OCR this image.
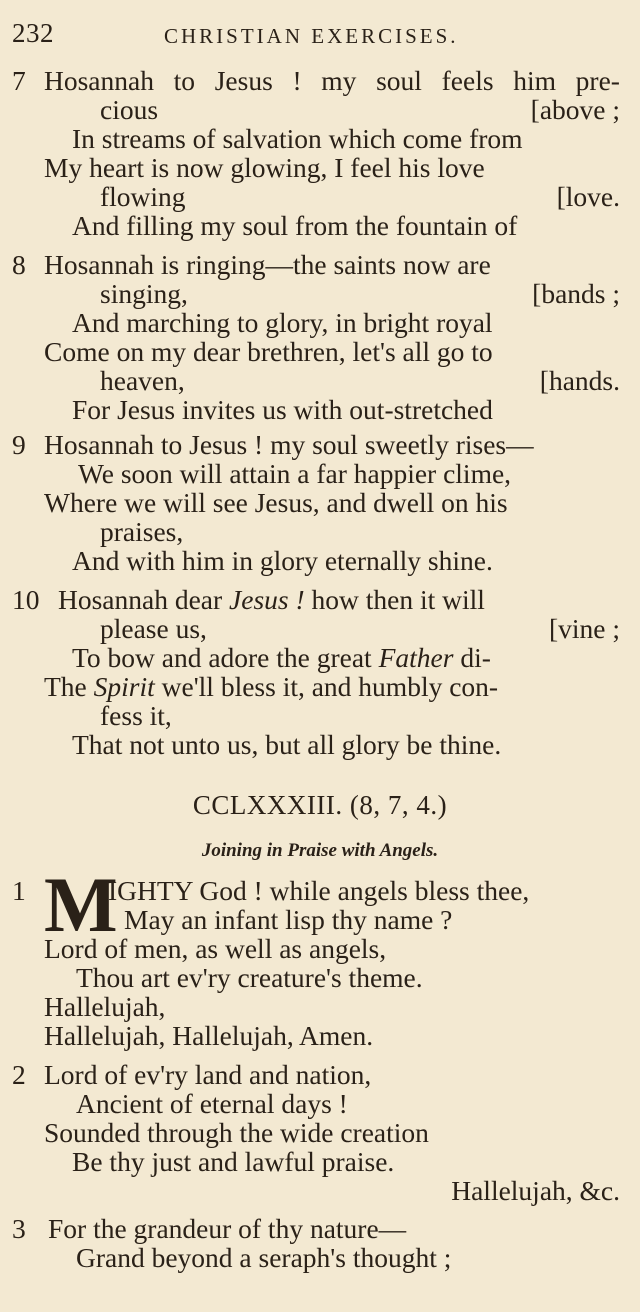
232	CHRISTIAN EXERCISES.
7 Hosannah to Jesus ! my soul feels him pre-
cious	[above ;
In streams of salvation which come from
My heart is now glowing, I feel his love
flowing	[love.
And filling my soul from the fountain of
8 Hosannah is ringing—the saints now are
singing,	[bands ;
And marching to glory, in bright royal
Come on my dear brethren, let's all go to
heaven,	[hands.
For Jesus invites us with out-stretched
9 Hosannah to Jesus ! my soul sweetly rises—
We soon will attain a far happier clime,
Where we will see Jesus, and dwell on his
praises,
And with him in glory eternally shine.
10 Hosannah dear Jesus ! how then it will
please us,	[vine ;
To bow and adore the great Father di-
The Spirit we'll bless it, and humbly con-
fess it,
That not unto us, but all glory be thine.
CCLXXXIII. (8, 7, 4.)
Joining in Praise with Angels.
M
1	IGHTY God ! while angels bless thee,
May an infant lisp thy name ?
Lord of men, as well as angels,
Thou art ev'ry creature's theme.
Hallelujah,
Hallelujah, Hallelujah, Amen.
2 Lord of ev'ry land and nation,
Ancient of eternal days !
Sounded through the wide creation
Be thy just and lawful praise.
Hallelujah, &c.
3 For the grandeur of thy nature—
Grand beyond a seraph's thought ;
